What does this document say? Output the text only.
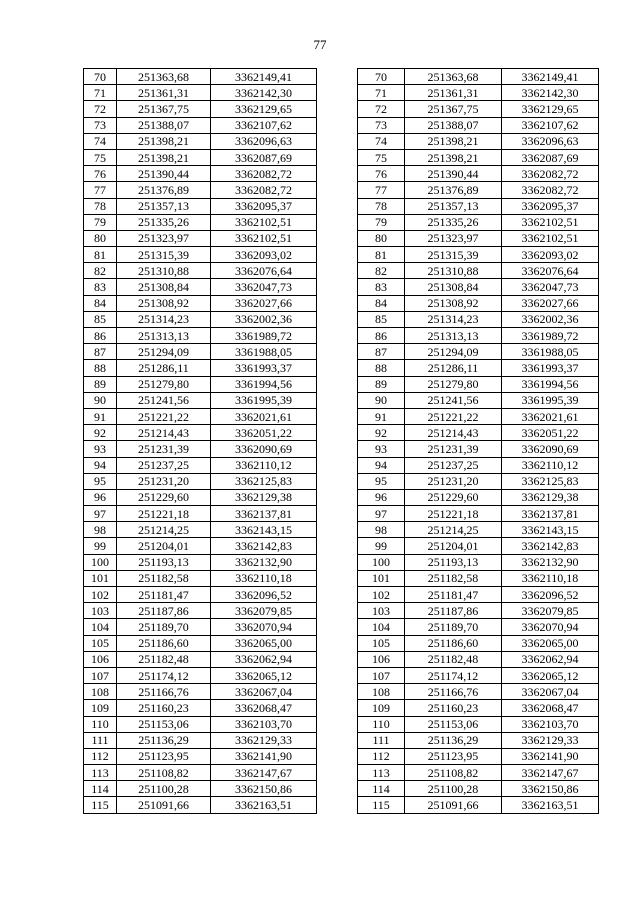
77
70	251363,68	3362149,41
71	251361,31	3362142,30
72	251367,75	3362129,65
73	251388,07	3362107,62
74	251398,21	3362096,63
75	251398,21	3362087,69
76	251390,44	3362082,72
77	251376,89	3362082,72
78	251357,13	3362095,37
79	251335,26	3362102,51
80	251323,97	3362102,51
81	251315,39	3362093,02
82	251310,88	3362076,64
83	251308,84	3362047,73
84	251308,92	3362027,66
85	251314,23	3362002,36
86	251313,13	3361989,72
87	251294,09	3361988,05
88	251286,11	3361993,37
89	251279,80	3361994,56
90	251241,56	3361995,39
91	251221,22	3362021,61
92	251214,43	3362051,22
93	251231,39	3362090,69
94	251237,25	3362110,12
95	251231,20	3362125,83
96	251229,60	3362129,38
97	251221,18	3362137,81
98	251214,25	3362143,15
99	251204,01	3362142,83
100	251193,13	3362132,90
101	251182,58	3362110,18
102	251181,47	3362096,52
103	251187,86	3362079,85
104	251189,70	3362070,94
105	251186,60	3362065,00
106	251182,48	3362062,94
107	251174,12	3362065,12
108	251166,76	3362067,04
109	251160,23	3362068,47
110	251153,06	3362103,70
111	251136,29	3362129,33
112	251123,95	3362141,90
113	251108,82	3362147,67
114	251100,28	3362150,86
115	251091,66	3362163,51
70	251363,68	3362149,41
71	251361,31	3362142,30
72	251367,75	3362129,65
73	251388,07	3362107,62
74	251398,21	3362096,63
75	251398,21	3362087,69
76	251390,44	3362082,72
77	251376,89	3362082,72
78	251357,13	3362095,37
79	251335,26	3362102,51
80	251323,97	3362102,51
81	251315,39	3362093,02
82	251310,88	3362076,64
83	251308,84	3362047,73
84	251308,92	3362027,66
85	251314,23	3362002,36
86	251313,13	3361989,72
87	251294,09	3361988,05
88	251286,11	3361993,37
89	251279,80	3361994,56
90	251241,56	3361995,39
91	251221,22	3362021,61
92	251214,43	3362051,22
93	251231,39	3362090,69
94	251237,25	3362110,12
95	251231,20	3362125,83
96	251229,60	3362129,38
97	251221,18	3362137,81
98	251214,25	3362143,15
99	251204,01	3362142,83
100	251193,13	3362132,90
101	251182,58	3362110,18
102	251181,47	3362096,52
103	251187,86	3362079,85
104	251189,70	3362070,94
105	251186,60	3362065,00
106	251182,48	3362062,94
107	251174,12	3362065,12
108	251166,76	3362067,04
109	251160,23	3362068,47
110	251153,06	3362103,70
111	251136,29	3362129,33
112	251123,95	3362141,90
113	251108,82	3362147,67
114	251100,28	3362150,86
115	251091,66	3362163,51
